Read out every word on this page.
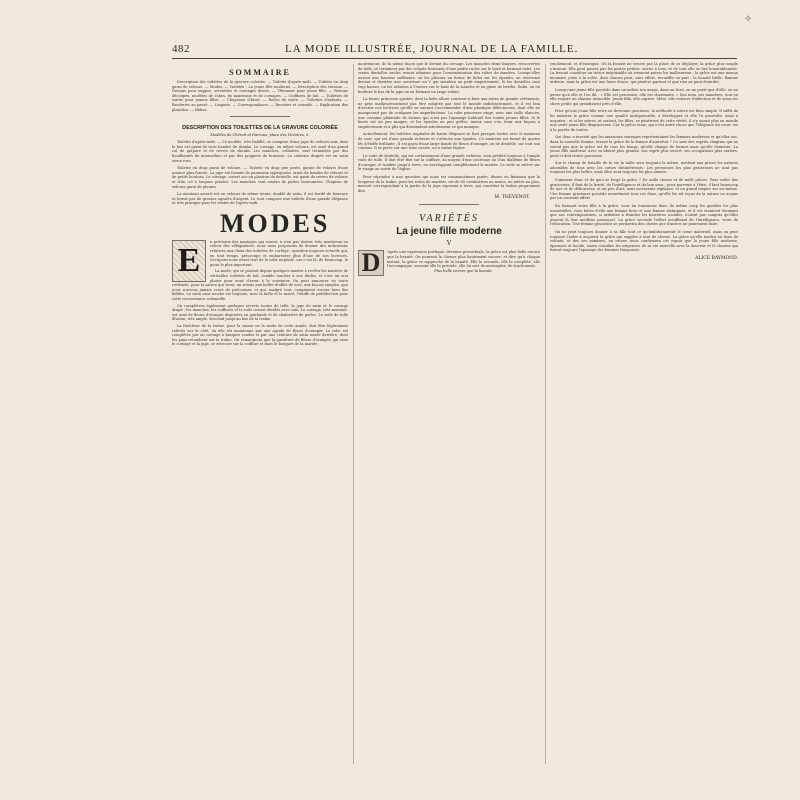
✧
482	LA MODE ILLUSTRÉE, JOURNAL DE LA FAMILLE.
SOMMAIRE

Description des toilettes de la gravure coloriée. — Toilette d'après-midi. — Toilette en drap garni de velours. — Modes. — Variétés : La jeune fille moderne. — Description des travaux. — Dessins pour nappes, serviettes et ouvrages divers. — Vêtement pour jeune fille. — Patrons découpés, modèles de robes, de manteaux et de corsages. — Coiffures de bal. — Toilettes de soirée pour jeunes filles. — Chapeaux d'hiver. — Robes de visite. — Toilettes d'enfants. — Broderies au passé. — Lingerie. — Correspondance. — Recettes et conseils. — Explication des planches. — Rébus.

DESCRIPTION DES TOILETTES DE LA GRAVURE COLORIÉE
Modèles de Chéruit et Darroux, place des Victoires, 5.

Toilette d'après-midi. — Ce modèle, très habillé, se compose d'une jupe de velours noir, dont le bas est garni de trois bandes de skunks. Le corsage, en même velours, est orné d'un grand col de guipure et de revers de skunks. Les manches, collantes, sont terminées par des bouillonnés de mousseline et par des poignets de fourrure. La ceinture drapée est en satin vieux rose.

Toilette en drap garni de velours. — Toilette en drap gris perle, garnie de velours d'une nuance plus foncée. La jupe est formée de panneaux superposés, ornés de bandes de velours et de petits boutons. Le corsage, ouvert sur un plastron de dentelle, est garni de revers de velours et d'un col à longues pointes. Les manches sont ornées de pattes boutonnées. Chapeau de velours garni de plumes.

La manteau assorti est en velours de même teinte, doublé de satin, il est bordé de fourrure et fermé par de grosses agrafes d'argent. Le tout compose une toilette d'une grande élégance et très pratique pour les visites de l'après-midi.

MODES
E	n prévision des mariages qui seront, à n'en pas douter, très nombreux au retour des villégiatures, nous nous proposons de donner des indications relatives aux choix des toilettes de cortège : question toujours actuelle qui, en tout temps, préoccupe et embarrasse plus d'une de nos lectrices. Occupons-nous avant tout de la robe nuptiale, car c'est là, de beaucoup, le point le plus important.

La mode, qui se plaisait depuis quelques années à revêtir les mariées de véritables toilettes de bal, semble toucher à son déclin, et c'est un vrai plaisir pour nous d'avoir à le constater. On peut annoncer en toute certitude, pour la saison qui vient, un retour aux belles étoffes de soie, aux façons simples, que nous n'avions jamais cessé de préconiser, et qui, malgré tout, comptaient encore bien des fidèles. Le satin sans touche est toujours, avec la faille et le moiré, l'étoffe de prédilection pour cette circonstance solennelle.

On complétera également quelques secrets toutes de tulle, la jupe de satin et le corsage drapé ; les manches, les coiffures et le voile seront décidés avec soin. Le corsage, très montant, est orné de fleurs d'oranger disposées en guirlande et de chaînettes de perles. Le voile de tulle illusion, très ample, descend jusqu'au bas de la traîne.

La fraîcheur de la traîne, pour la saison ou la mode de cette année, doit être légèrement relevée sur le côté, où elle est maintenue par une agrafe de fleurs d'oranger. La robe est complétée par un corsage à basques rondes et par une ceinture de satin nouée derrière, dont les pans retombent sur la traîne. On remarquera que la garniture de fleurs d'oranger, qui orne le corsage et la jupe, se retrouve sur la coiffure et dans le bouquet de la mariée.

mouvement, de la même façon que le devant du corsage. Les manches demi-longues, recouvertes de tulle, se terminent par des volants festonnés d'une petite ruche sur le bord et formant valet. Les vraies dentelles seules seront admises pour l'ornementation des robes de mariées. Lorsqu'elles auront une hauteur suffisante, on les plissera en forme de fichu sur les épaules, en réservant devant et derrière une ouverture en V qui simulera un petit empiècement. Si les dentelles sont trop basses, on les rabattra à l'envers sur le haut de la manche et en guise de berthe. Enfin, on en bordera le bas de la jupe en en formant un large volant.

La forme princesse ajustée, dont la belle allure convient si bien aux robes de grande cérémonie, ne peut malheureusement pas être adoptée par tout le monde indistinctement, et il est bon d'avertir nos lectrices qu'elle ne saurait s'accommoder d'une plastique défectueuse, dont elle ne manquerait pas de souligner les imperfections. La robe princesse exige, avec une taille élancée, une certaine plénitude de formes qui n'est pas l'apanage habituel des toutes jeunes filles. Si le buste est un peu maigre, et les épaules un peu grêles, mieux vaut s'en tenir aux façons à empiècement et à plis qui dissimulent adroitement ce qui manque.

Actuellement, les toilettes nuptiales de haute élégance se font presque toutes avec le manteau de cour, qui est d'une grande richesse et s'attache aux épaules. Ce manteau est formé de quatre lés d'étoffe brillante ; il est garni d'une large bande de fleurs d'oranger, ou de dentelle, sur tout son contour. Il se porte sur une robe courte, ou à traîne légère.

Le voile de dentelle, qui est certainement d'une grande richesse, sera préféré toujours à l'ample voile de tulle. Il doit être fixé sur la coiffure, au moyen d'une couronne ou d'un diadème de fleurs d'oranger, et tomber jusqu'à terre, en enveloppant complètement la mariée. Le voile se relève sur le visage au sortir de l'église.

Pour répondre à une question qui nous est communément posée, disons en finissant que la longueur de la traîne, pour les robes de mariées, est de 60 centimètres au moins, un mètre au plus, mesuré correspondant à la partie de la jupe reposant à terre, qui constitue la traîne proprement dite.

M. THÉVENOT.
VARIÉTÉS
La jeune fille moderne
V
D	'après une expression poétique, devenue proverbiale, la grâce est plus belle encore que la beauté. On pourrait la classer plus hautement encore, et dire qu'à chaque instant, la grâce se rapproche de la beauté. Elle la seconde, elle la complète, elle l'accompagne, souvent elle la précède, elle lui sert de messagère, de truchement.

Plus belle encore que la beauté.

truchement, et d'enseigne. Où la beauté ne trouve pas la place de se déployer, la grâce plus souple s'insinue. Elle peut passer par les portes petites, ouvrir à tous, et de tout elle se tire honorablement. La beauté constitue un trésor inépuisable où viennent puiser les malheureux ; la grâce est une menue monnaie, jetée à la volée, dont chacun peut, sans effort, recueillir sa part ; la beauté brille, flamme ardente, mais la grâce est une lueur douce, qui pénètre partout et que rien ne peut éteindre.

Lorsqu'une jeune fille possède dans un milieu son usage, dans un livre, on ne parle que d'elle, on ne pense qu'à elle et l'on dit : « Elle est gracieuse, elle est charmante. » Son nom, ses manières, tout en elle respire un charme invincible. Jeune fille, elle captive. Mère, elle entoure d'affection et de soins les chers petits qui grandissent près d'elle.

Pour qu'une jeune fille reste ou devienne gracieuse, la méthode à suivre est bien simple. Il suffit de lui montrer la grâce comme une qualité indispensable, à développer et elle l'a possédée, ainsi à acquérir ; et si les mères, et surtout, les filles, se pénètrent de cette vérité, il n'y aurait plus au monde une seule jeune fille disgracieuse. Car la grâce vraie, qui n'est autre chose que l'élégance du cœur, est à la portée de toutes.

Qui donc a inventé que les amazones sauvages représentaient les femmes modernes et qu'elles ont, dans la nouvelle femme, écrasé la grâce de la femme d'autrefois ? Ce sont des esprits chagrins qui ne voient pas que la grâce est de tous les temps, qu'elle change de formes mais qu'elle demeure. La jeune fille moderne, avec sa liberté plus grande, son esprit plus ouvert, ses occupations plus variées, peut et doit rester gracieuse.

Sur le champ de bataille de la vie la taille sera toujours la même, mettant aux prises les natures adorables de tous avec les cœurs désintéressés. Les personnes les plus gracieuses ne sont pas toujours les plus belles, mais elles sont toujours les plus aimées.

Comment donc et de quoi se forge la grâce ? De mille choses et de mille pièces. Pour voiler des gracieuses, il faut de la bonté, de l'intelligence et du bon sens ; pour parvenir à l'être, il faut beaucoup de tact et de délicatesse, et un peu d'art, sans incessante vigilance, et un grand empire sur soi-même. Une femme gracieuse possède assurément tous ces dons, qu'elle les ait reçus de la nature ou acquis par un constant effort.

En formant votre fille à la grâce, vous lui fournissez donc du même coup les qualités les plus essentielles, vous faites d'elle une femme forte et une femme distinguée, et il est vraiment étonnant que nos contemporaines, si ardentes à franchir les barrières sociales, n'aient pas compris qu'elles avaient là leur meilleur passeport. La grâce seconde l'effort insuffisant de l'intelligence, voire de l'éducation. Une femme gracieuse se permettra des choses que d'autres ne pourraient faire.

On ne peut toujours donner à sa fille tout ce qu'ambitionnerait le cœur maternel, mais on peut toujours l'aider à acquérir la grâce qui supplée à tant de choses. La grâce qu'elle mettra en dons de volonté, et des ses nombres, en retour, nous confirmera cet espoir que la jeune fille moderne, épanouie et lucide, saura concilier les exigences de sa vie nouvelle avec la douceur et le charme qui furent toujours l'apanage des femmes françaises.

ALICE RAYMOND.
